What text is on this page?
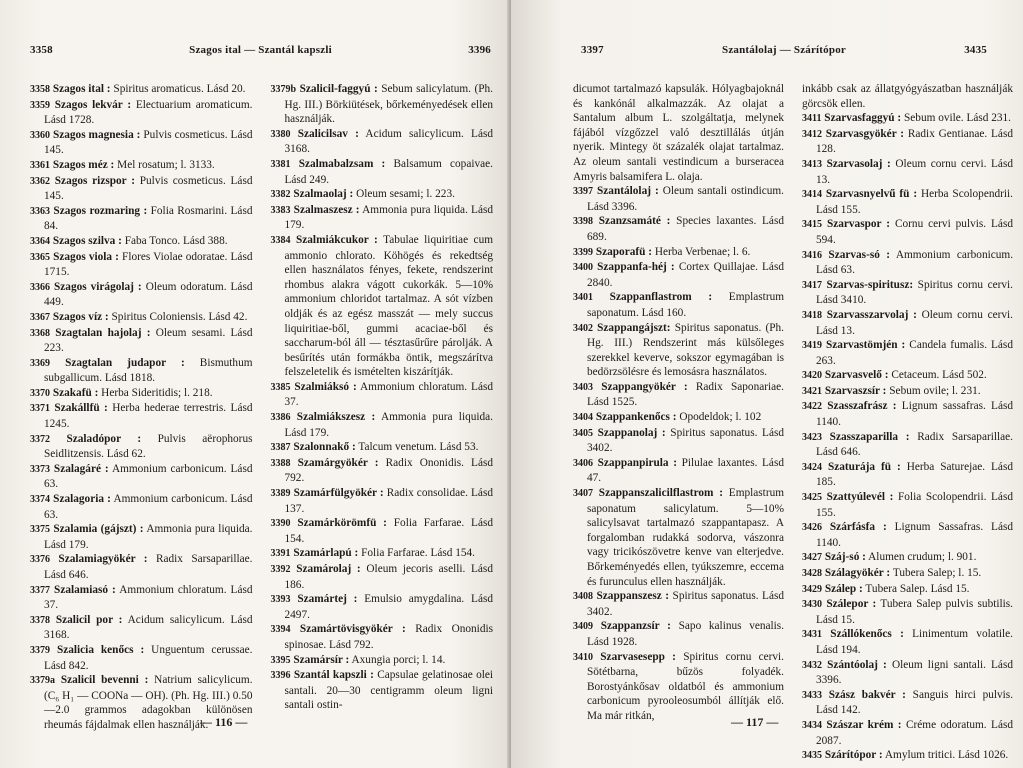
3358	Szagos ital — Szantál kapszli	3396
3358 Szagos ital : Spiritus aromaticus. Lásd 20.
3359 Szagos lekvár : Electuarium aromaticum. Lásd 1728.
3360 Szagos magnesia : Pulvis cosmeticus. Lásd 145.
3361 Szagos méz : Mel rosatum; l. 3133.
3362 Szagos rizspor : Pulvis cosmeticus. Lásd 145.
3363 Szagos rozmaring : Folia Rosmarini. Lásd 84.
3364 Szagos szilva : Faba Tonco. Lásd 388.
3365 Szagos viola : Flores Violae odoratae. Lásd 1715.
3366 Szagos virágolaj : Oleum odoratum. Lásd 449.
3367 Szagos víz : Spiritus Coloniensis. Lásd 42.
3368 Szagtalan hajolaj : Oleum sesami. Lásd 223.
3369 Szagtalan judapor : Bismuthum subgallicum. Lásd 1818.
3370 Szakafü : Herba Sideritidis; l. 218.
3371 Szakállfü : Herba hederae terrestris. Lásd 1245.
3372 Szaladópor : Pulvis aërophorus Seidlitzensis. Lásd 62.
3373 Szalagáré : Ammonium carbonicum. Lásd 63.
3374 Szalagoria : Ammonium carbonicum. Lásd 63.
3375 Szalamia (gájszt) : Ammonia pura liquida. Lásd 179.
3376 Szalamiagyökér : Radix Sarsaparillae. Lásd 646.
3377 Szalamiasó : Ammonium chloratum. Lásd 37.
3378 Szalicil por : Acidum salicylicum. Lásd 3168.
3379 Szalicia kenőcs : Unguentum cerussae. Lásd 842.
3379a Szalicil bevenni : Natrium salicylicum. (C₆ H₁ — COONa — OH). (Ph. Hg. III.) 0.50—2.0 grammos adagokban különösen rheumás fájdalmak ellen használják.
3379b Szalicil-faggyú : Sebum salicylatum. (Ph. Hg. III.) Börkiütések, bőrkeményedések ellen használják.
3380 Szalicilsav : Acidum salicylicum. Lásd 3168.
3381 Szalmabalzsam : Balsamum copaivae. Lásd 249.
3382 Szalmaolaj : Oleum sesami; l. 223.
3383 Szalmaszesz : Ammonia pura liquida. Lásd 179.
3384 Szalmiákcukor : Tabulae liquiritiae cum ammonio chlorato. Köhögés és rekedtség ellen használatos fényes, fekete, rendszerint rhombus alakra vágott cukorkák. 5—10% ammonium chloridot tartalmaz. A sót vízben oldják és az egész masszát — mely succus liquiritiae-ből, gummi acaciae-ből és saccharum-ból áll — tésztasűrűre párolják. A besűrítés után formákba öntik, megszárítva felszeletelik és ismételten kiszárítják.
3385 Szalmiáksó : Ammonium chloratum. Lásd 37.
3386 Szalmiákszesz : Ammonia pura liquida. Lásd 179.
3387 Szalonnakő : Talcum venetum. Lásd 53.
3388 Szamárgyökér : Radix Ononidis. Lásd 792.
3389 Szamárfülgyökér : Radix consolidae. Lásd 137.
3390 Szamárkörömfü : Folia Farfarae. Lásd 154.
3391 Szamárlapú : Folia Farfarae. Lásd 154.
3392 Szamárolaj : Oleum jecoris aselli. Lásd 186.
3393 Szamártej : Emulsio amygdalina. Lásd 2497.
3394 Szamártövisgyökér : Radix Ononidis spinosae. Lásd 792.
3395 Szamársír : Axungia porci; l. 14.
3396 Szantál kapszli : Capsulae gelatinosae olei santali. 20—30 centigramm oleum ligni santali ostin-
— 116 —
3397	Szantálolaj — Szárítópor	3435
dicumot tartalmazó kapsulák. Hólyagbajoknál és kankónál alkalmazzák. Az olajat a Santalum album L. szolgáltatja, melynek fájából vízgőzzel való desztillálás útján nyerik. Mintegy öt százalék olajat tartalmaz. Az oleum santali vestindicum a burseracea Amyris balsamifera L. olaja.
3397 Szantálolaj : Oleum santali ostindicum. Lásd 3396.
3398 Szanzsamáté : Species laxantes. Lásd 689.
3399 Szaporafü : Herba Verbenae; l. 6.
3400 Szappanfa-héj : Cortex Quillajae. Lásd 2840.
3401 Szappanflastrom : Emplastrum saponatum. Lásd 160.
3402 Szappangájszt: Spiritus saponatus. (Ph. Hg. III.) Rendszerint más külsőleges szerekkel keverve, sokszor egymagában is bedörzsölésre és lemosásra használatos.
3403 Szappangyökér : Radix Saponariae. Lásd 1525.
3404 Szappankenőcs : Opodeldok; l. 102
3405 Szappanolaj : Spiritus saponatus. Lásd 3402.
3406 Szappanpirula : Pilulae laxantes. Lásd 47.
3407 Szappanszalicilflastrom : Emplastrum saponatum salicylatum. 5—10% salicylsavat tartalmazó szappantapasz. A forgalomban rudakká sodorva, vászonra vagy tricikószövetre kenve van elterjedve. Bőrkeményedés ellen, tyúkszemre, eccema és furunculus ellen használják.
3408 Szappanszesz : Spiritus saponatus. Lásd 3402.
3409 Szappanzsír : Sapo kalinus venalis. Lásd 1928.
3410 Szarvasesepp : Spiritus cornu cervi. Sötétbarna, bűzös folyadék. Borostyánkősav oldatból és ammonium carbonicum pyrooleosumból állítják elő. Ma már ritkán,
inkább csak az állatgyógyászatban használják görcsök ellen.
3411 Szarvasfaggyú : Sebum ovile. Lásd 231.
3412 Szarvasgyökér : Radix Gentianae. Lásd 128.
3413 Szarvasolaj : Oleum cornu cervi. Lásd 13.
3414 Szarvasnyelvű fü : Herba Scolopendrii. Lásd 155.
3415 Szarvaspor : Cornu cervi pulvis. Lásd 594.
3416 Szarvas-só : Ammonium carbonicum. Lásd 63.
3417 Szarvas-spiritusz: Spiritus cornu cervi. Lásd 3410.
3418 Szarvasszarvolaj : Oleum cornu cervi. Lásd 13.
3419 Szarvastömjén : Candela fumalis. Lásd 263.
3420 Szarvasvelő : Cetaceum. Lásd 502.
3421 Szarvaszsír : Sebum ovile; l. 231.
3422 Szasszafrász : Lignum sassafras. Lásd 1140.
3423 Szasszaparilla : Radix Sarsaparillae. Lásd 646.
3424 Szaturája fü : Herba Saturejae. Lásd 185.
3425 Szattyúlevél : Folia Scolopendrii. Lásd 155.
3426 Szárfásfa : Lignum Sassafras. Lásd 1140.
3427 Száj-só : Alumen crudum; l. 901.
3428 Szálagyökér : Tubera Salep; l. 15.
3429 Szálep : Tubera Salep. Lásd 15.
3430 Szálepor : Tubera Salep pulvis subtilis. Lásd 15.
3431 Szállókenőcs : Linimentum volatile. Lásd 194.
3432 Szántóolaj : Oleum ligni santali. Lásd 3396.
3433 Szász bakvér : Sanguis hirci pulvis. Lásd 142.
3434 Szászar krém : Créme odoratum. Lásd 2087.
3435 Szárítópor : Amylum tritici. Lásd 1026.
— 117 —
